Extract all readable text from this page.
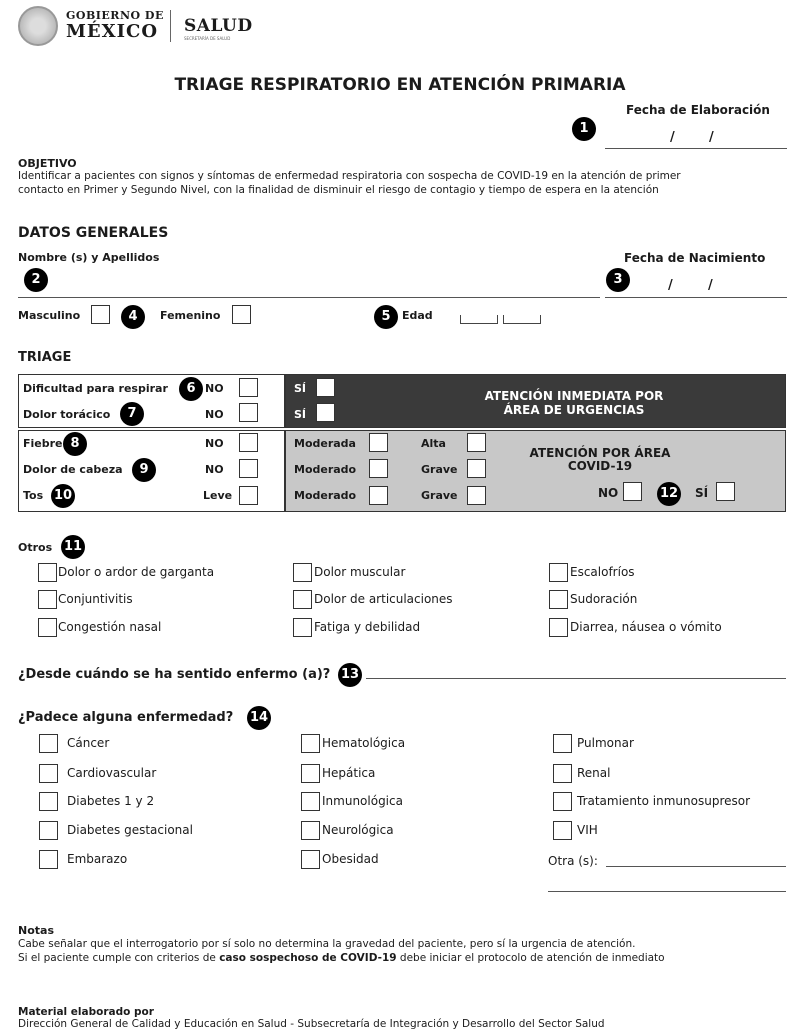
GOBIERNO DE
MÉXICO SALUD
SECRETARÍA DE SALUD
TRIAGE RESPIRATORIO EN ATENCIÓN PRIMARIA
Fecha de Elaboración
1
/	/
OBJETIVO
Identificar a pacientes con signos y síntomas de enfermedad respiratoria con sospecha de COVID-19 en la atención de primer
contacto en Primer y Segundo Nivel, con la finalidad de disminuir el riesgo de contagio y tiempo de espera en la atención
DATOS GENERALES
Nombre (s) y Apellidos
2
Fecha de Nacimiento
3	/	/
Masculino	4	Femenino	5	Edad
TRIAGE
Dificultad para respirar	6 NO	SÍ
Dolor torácico	7	NO	SÍ
ATENCIÓN INMEDIATA POR
ÁREA DE URGENCIAS
Fiebre 8	NO	Moderada	Alta
Dolor de cabeza	9	NO	Moderado	Grave
Tos 10	Leve	Moderado	Grave
ATENCIÓN POR ÁREA
COVID-19
NO	12 SÍ
Otros 11
Dolor o ardor de garganta	Dolor muscular	Escalofríos
Conjuntivitis	Dolor de articulaciones	Sudoración
Congestión nasal	Fatiga y debilidad	Diarrea, náusea o vómito
¿Desde cuándo se ha sentido enfermo (a)? 13
¿Padece alguna enfermedad? 14
Cáncer	Hematológica	Pulmonar
Cardiovascular	Hepática	Renal
Diabetes 1 y 2	Inmunológica	Tratamiento inmunosupresor
Diabetes gestacional	Neurológica	VIH
Embarazo	Obesidad	Otra (s):
Notas
Cabe señalar que el interrogatorio por sí solo no determina la gravedad del paciente, pero sí la urgencia de atención.
Si el paciente cumple con criterios de caso sospechoso de COVID-19 debe iniciar el protocolo de atención de inmediato
Material elaborado por
Dirección General de Calidad y Educación en Salud - Subsecretaría de Integración y Desarrollo del Sector Salud
